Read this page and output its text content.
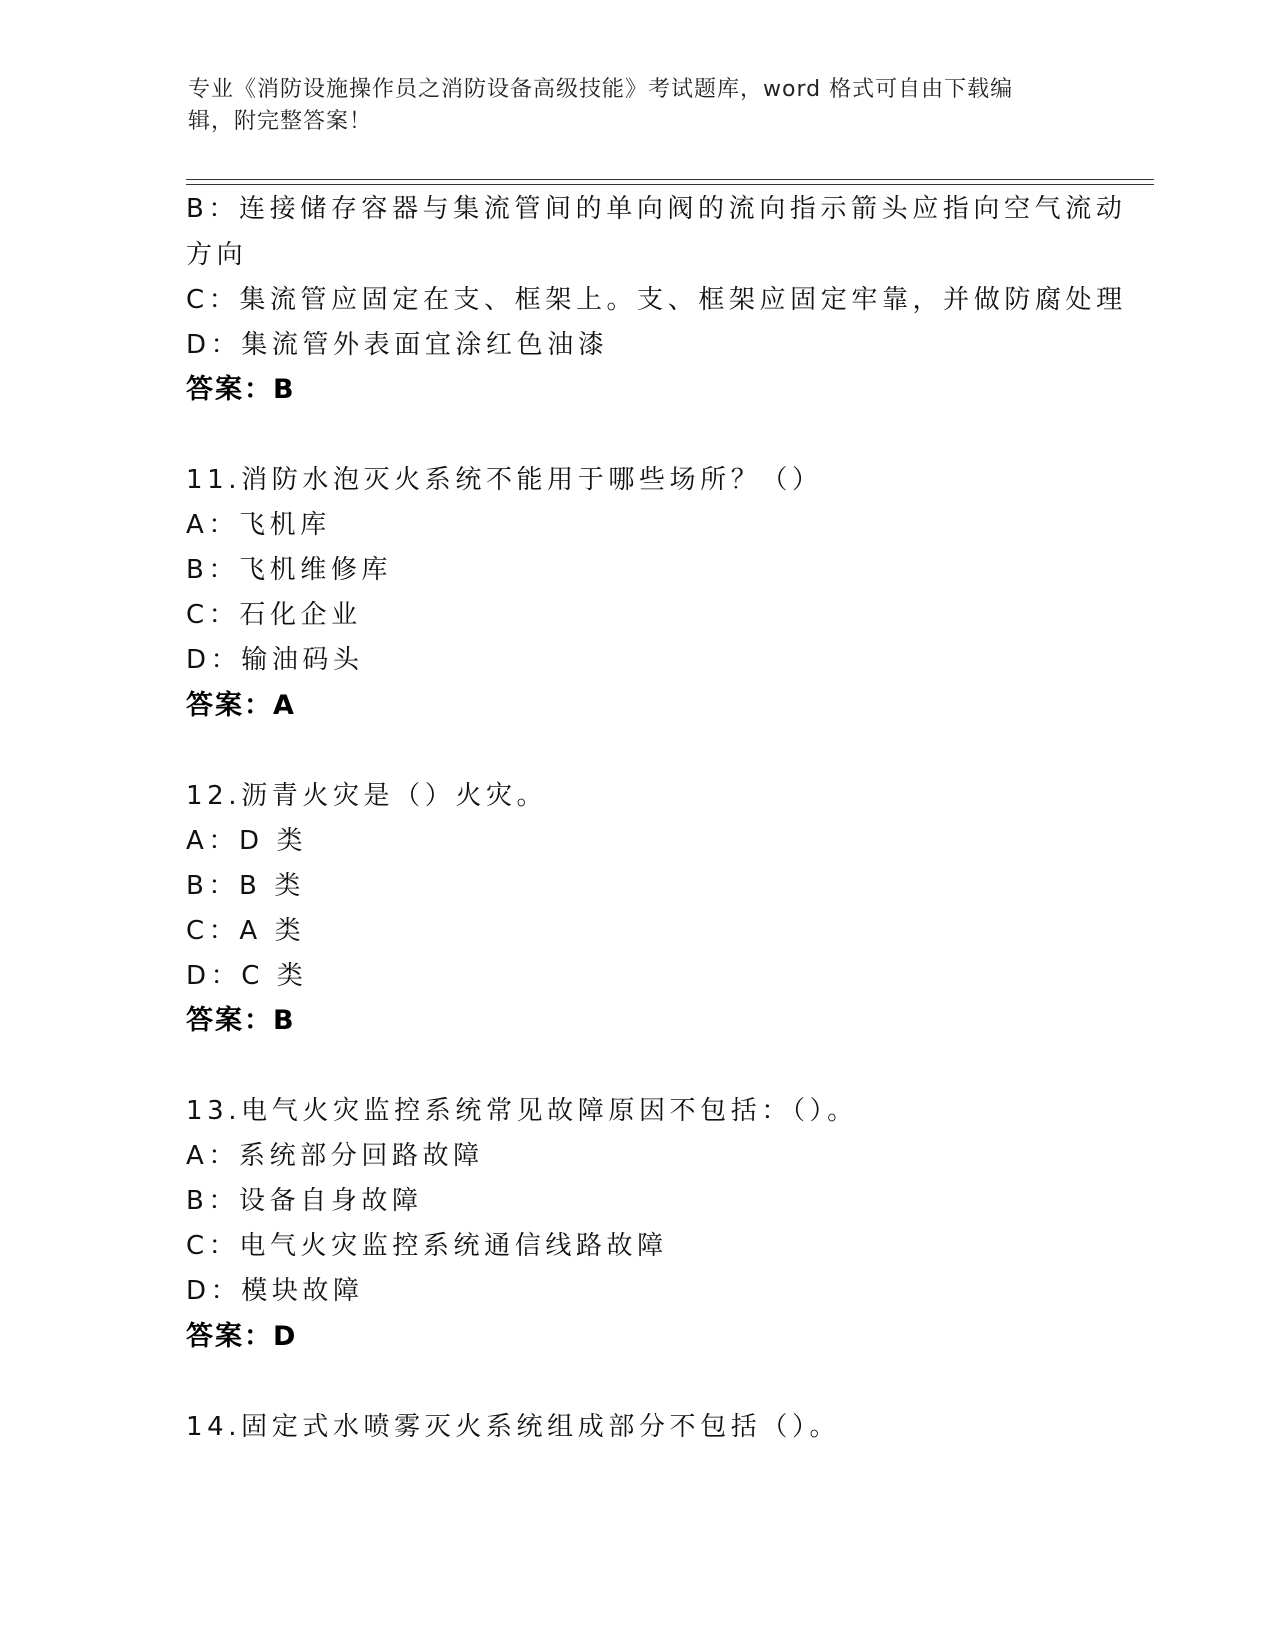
专业《消防设施操作员之消防设备高级技能》考试题库，word 格式可自由下载编
辑，附完整答案！
B：连接储存容器与集流管间的单向阀的流向指示箭头应指向空气流动
方向
C：集流管应固定在支、框架上。支、框架应固定牢靠，并做防腐处理
D：集流管外表面宜涂红色油漆
答案：B
11.消防水泡灭火系统不能用于哪些场所？（）
A：飞机库
B：飞机维修库
C：石化企业
D：输油码头
答案：A
12.沥青火灾是（）火灾。
A：D 类
B：B 类
C：A 类
D：C 类
答案：B
13.电气火灾监控系统常见故障原因不包括：（）。
A：系统部分回路故障
B：设备自身故障
C：电气火灾监控系统通信线路故障
D：模块故障
答案：D
14.固定式水喷雾灭火系统组成部分不包括（）。
